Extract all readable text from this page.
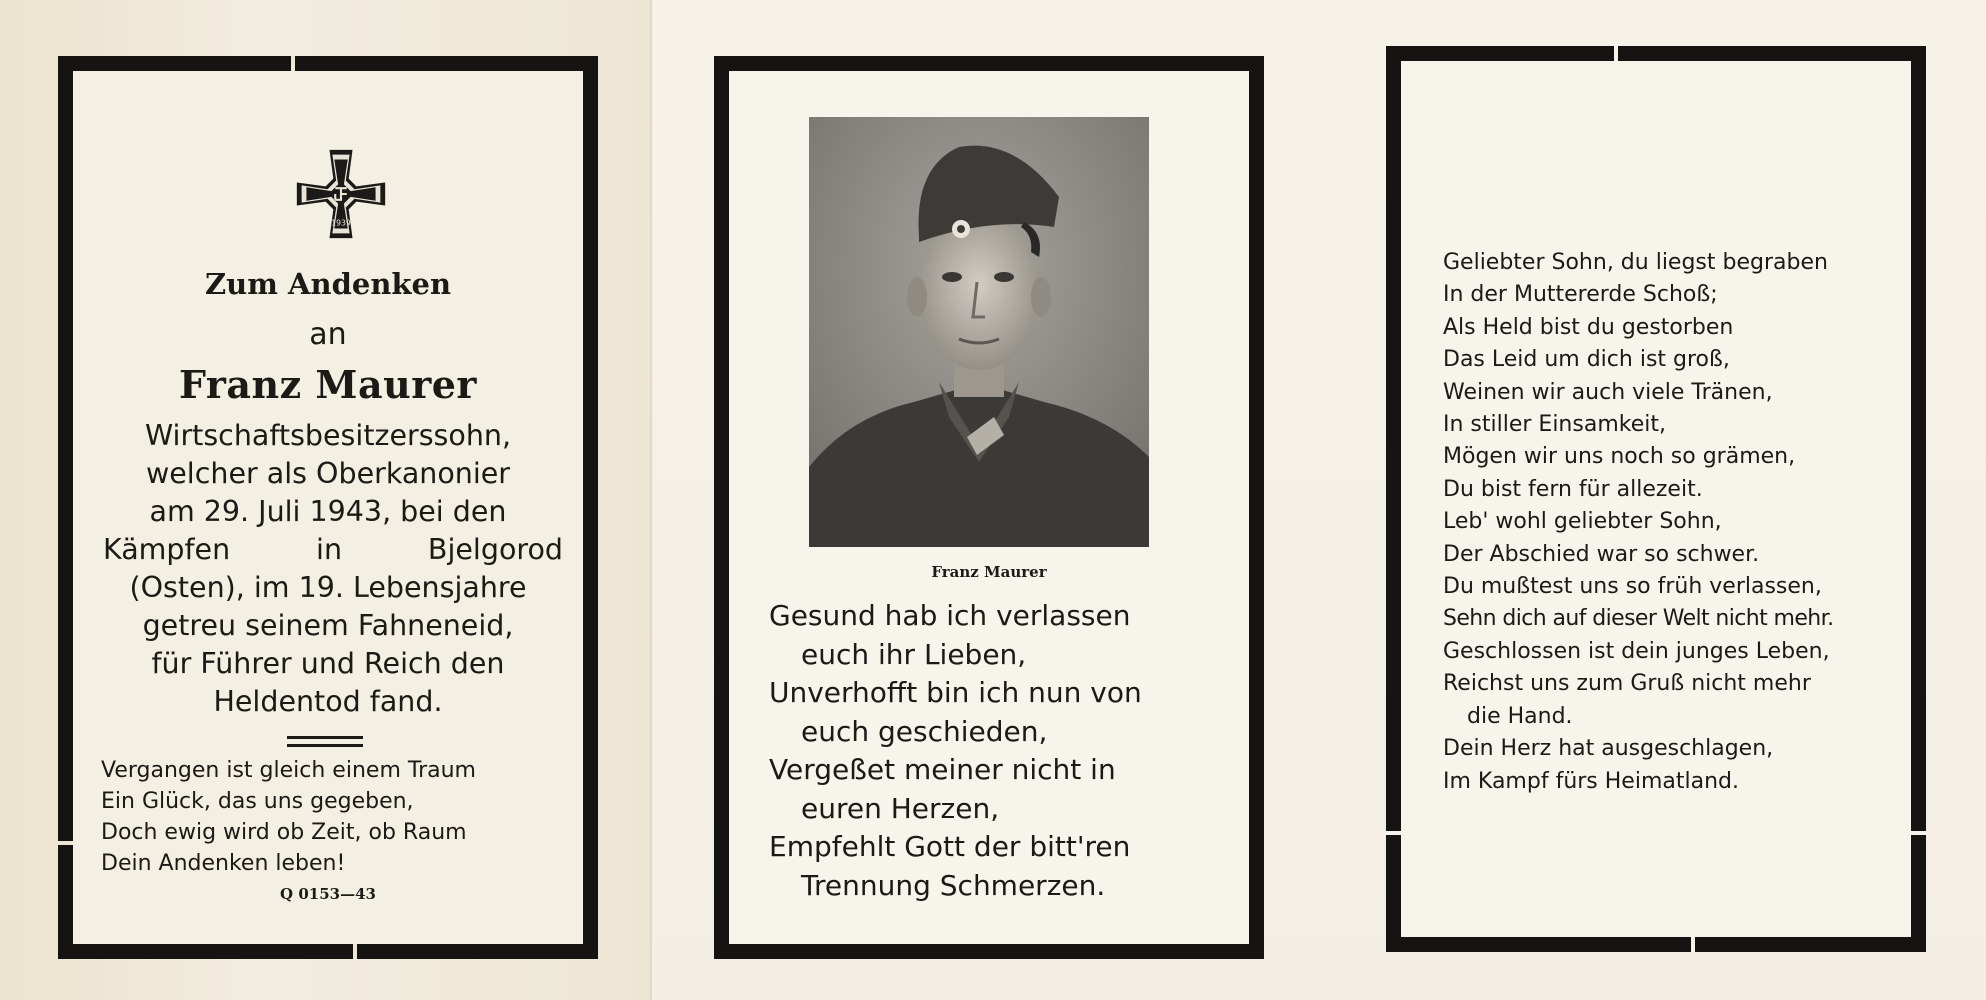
1939
Zum Andenken
an
Franz Maurer
Wirtschaftsbesitzerssohn,
welcher als Oberkanonier
am 29. Juli 1943, bei den
Kämpfen in Bjelgorod
(Osten), im 19. Lebensjahre
getreu seinem Fahneneid,
für Führer und Reich den
Heldentod fand.
Vergangen ist gleich einem Traum
Ein Glück, das uns gegeben,
Doch ewig wird ob Zeit, ob Raum
Dein Andenken leben!
Q 0153—43
Franz Maurer
Gesund hab ich verlassen
euch ihr Lieben,
Unverhofft bin ich nun von
euch geschieden,
Vergeßet meiner nicht in
euren Herzen,
Empfehlt Gott der bitt'ren
Trennung Schmerzen.
Geliebter Sohn, du liegst begraben
In der Muttererde Schoß;
Als Held bist du gestorben
Das Leid um dich ist groß,
Weinen wir auch viele Tränen,
In stiller Einsamkeit,
Mögen wir uns noch so grämen,
Du bist fern für allezeit.
Leb' wohl geliebter Sohn,
Der Abschied war so schwer.
Du mußtest uns so früh verlassen,
Sehn dich auf dieser Welt nicht mehr.
Geschlossen ist dein junges Leben,
Reichst uns zum Gruß nicht mehr
die Hand.
Dein Herz hat ausgeschlagen,
Im Kampf fürs Heimatland.
